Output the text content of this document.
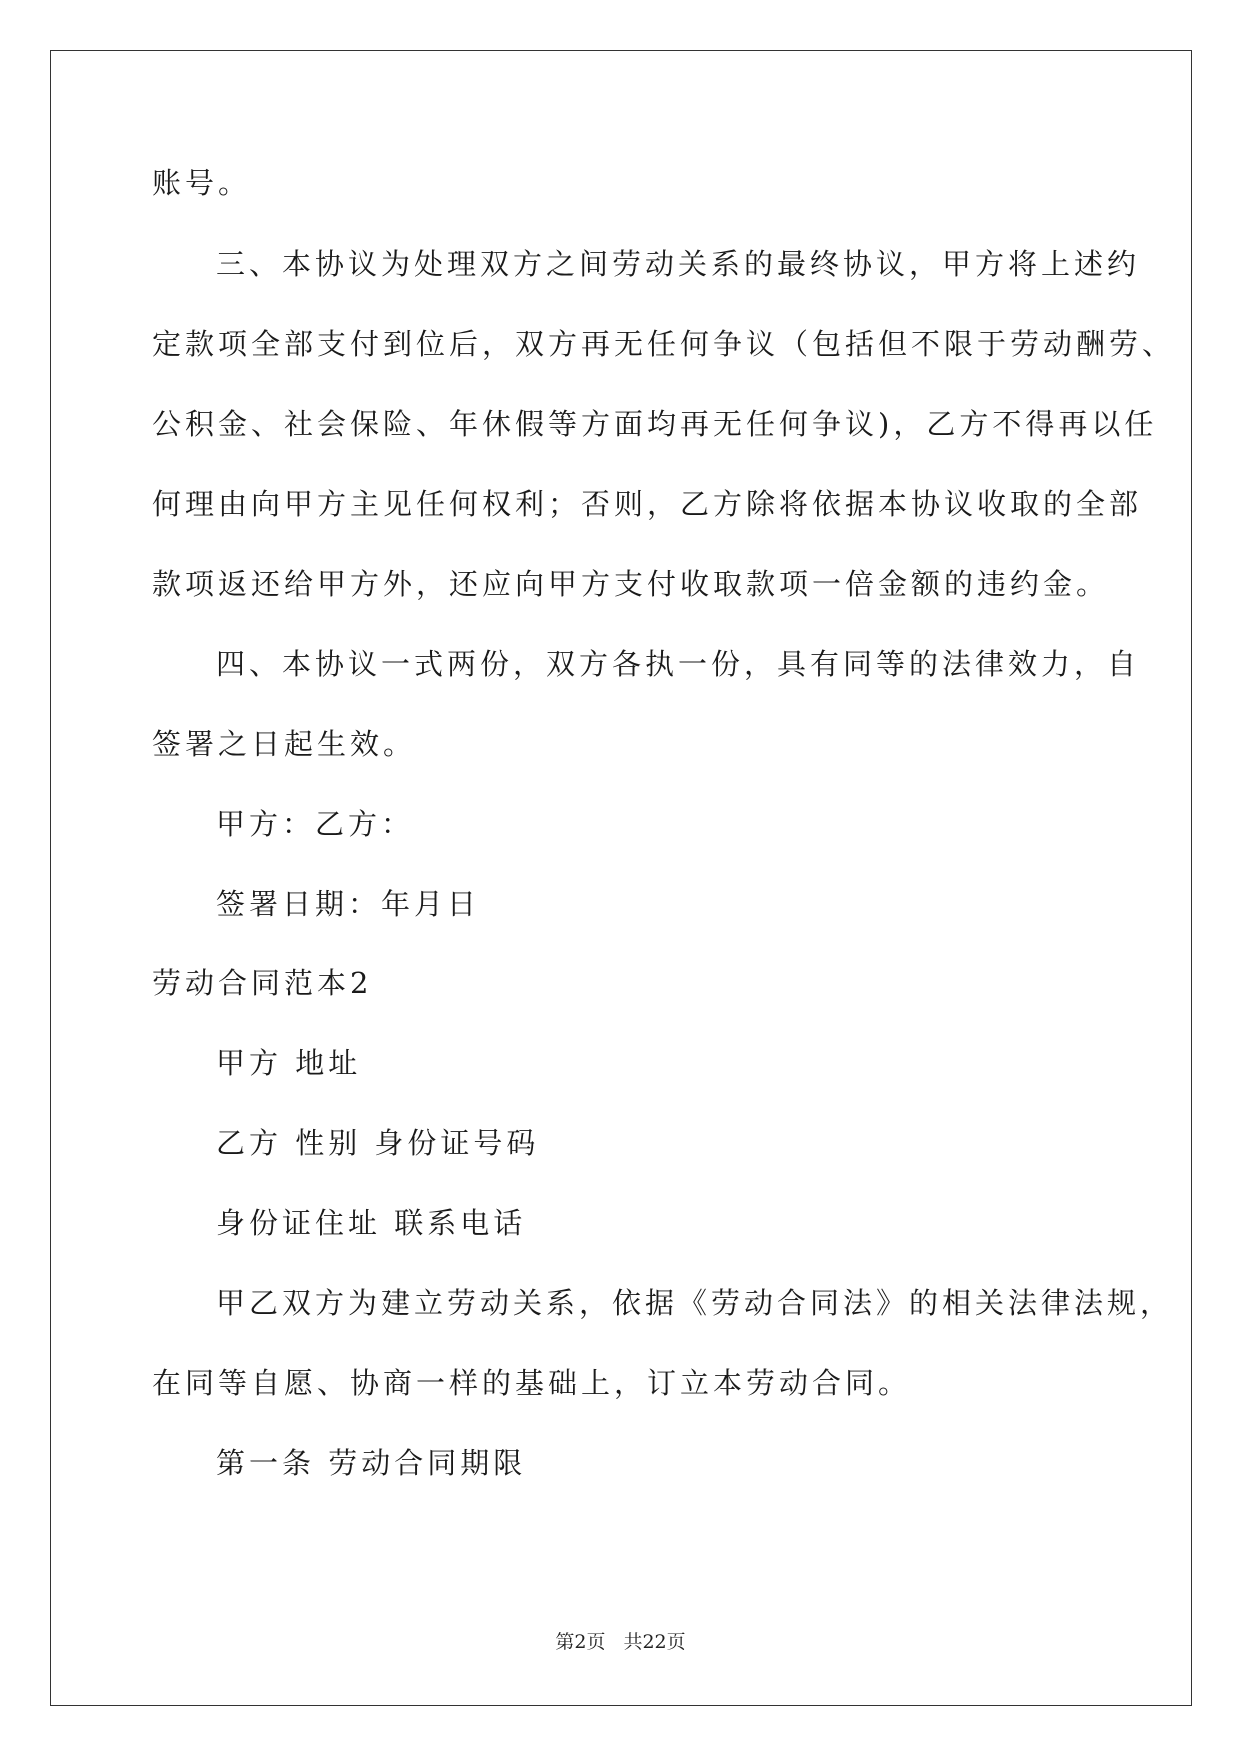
账号。
三、本协议为处理双方之间劳动关系的最终协议，甲方将上述约
定款项全部支付到位后，双方再无任何争议（包括但不限于劳动酬劳、
公积金、社会保险、年休假等方面均再无任何争议)，乙方不得再以任
何理由向甲方主见任何权利；否则，乙方除将依据本协议收取的全部
款项返还给甲方外，还应向甲方支付收取款项一倍金额的违约金。
四、本协议一式两份，双方各执一份，具有同等的法律效力，自
签署之日起生效。
甲方：乙方：
签署日期：年月日
劳动合同范本2
甲方 地址
乙方 性别 身份证号码
身份证住址 联系电话
甲乙双方为建立劳动关系，依据《劳动合同法》的相关法律法规，
在同等自愿、协商一样的基础上，订立本劳动合同。
第一条 劳动合同期限
第2页 共22页
